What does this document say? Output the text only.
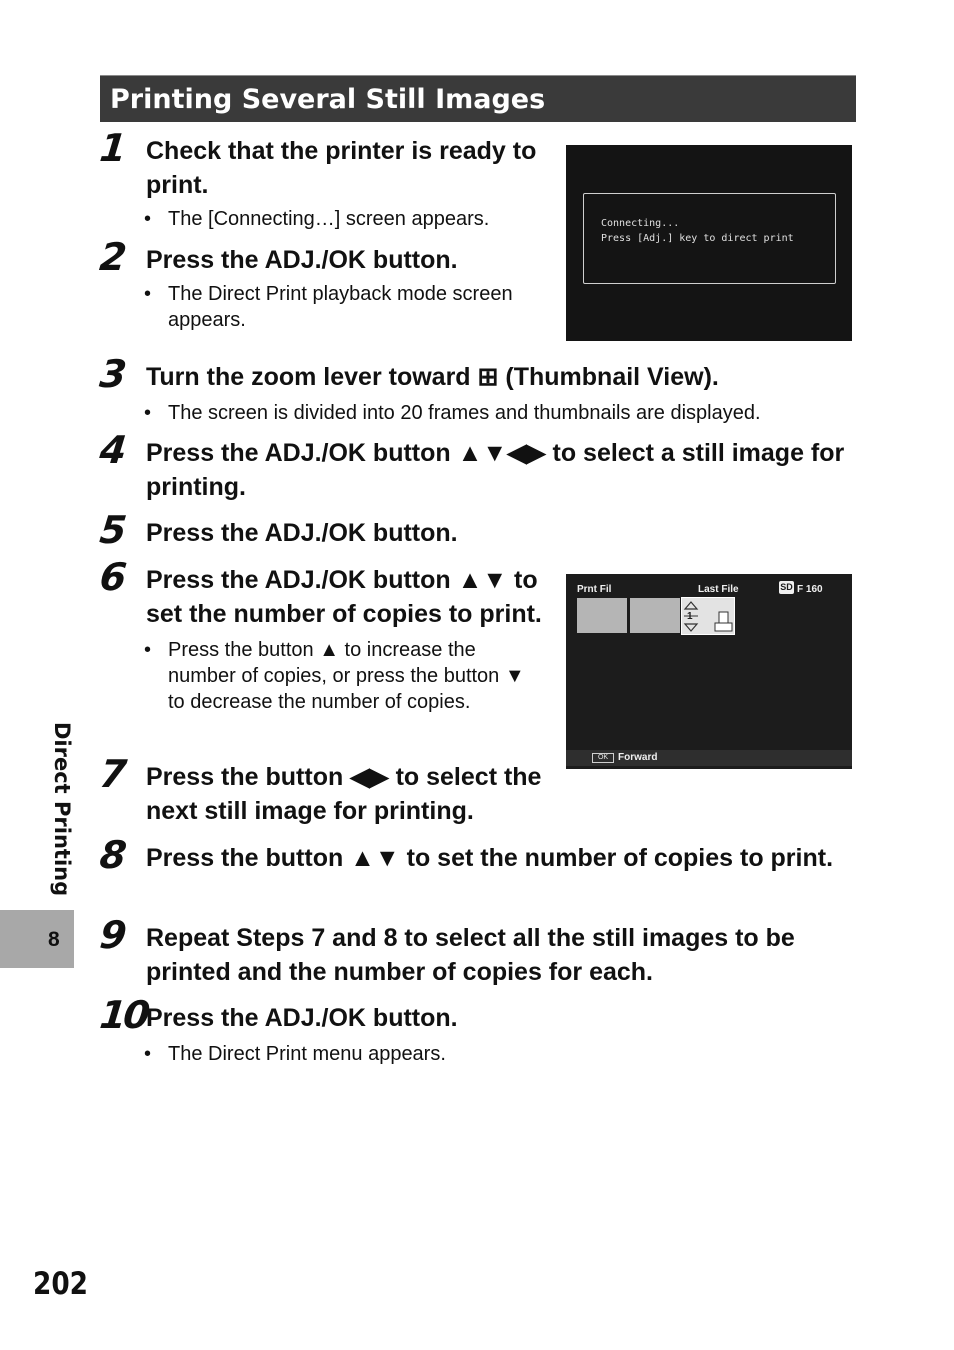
Printing Several Still Images
1 Check that the printer is ready to print.
• The [Connecting…] screen appears.
2 Press the ADJ./OK button.
• The Direct Print playback mode screen appears.
Connecting...
Press [Adj.] key to direct print
3 Turn the zoom lever toward ⊞ (Thumbnail View).
• The screen is divided into 20 frames and thumbnails are displayed.
4 Press the ADJ./OK button ▲▼◀▶ to select a still image for printing.
5 Press the ADJ./OK button.
6 Press the ADJ./OK button ▲▼ to set the number of copies to print.
• Press the button ▲ to increase the number of copies, or press the button ▼ to decrease the number of copies.
Prnt Fil	Last File	SD F 160
1
OK Forward
7 Press the button ◀▶ to select the next still image for printing.
8 Press the button ▲▼ to set the number of copies to print.
9 Repeat Steps 7 and 8 to select all the still images to be printed and the number of copies for each.
10
Press the ADJ./OK button.
• The Direct Print menu appears.
Direct Printing
8
202
